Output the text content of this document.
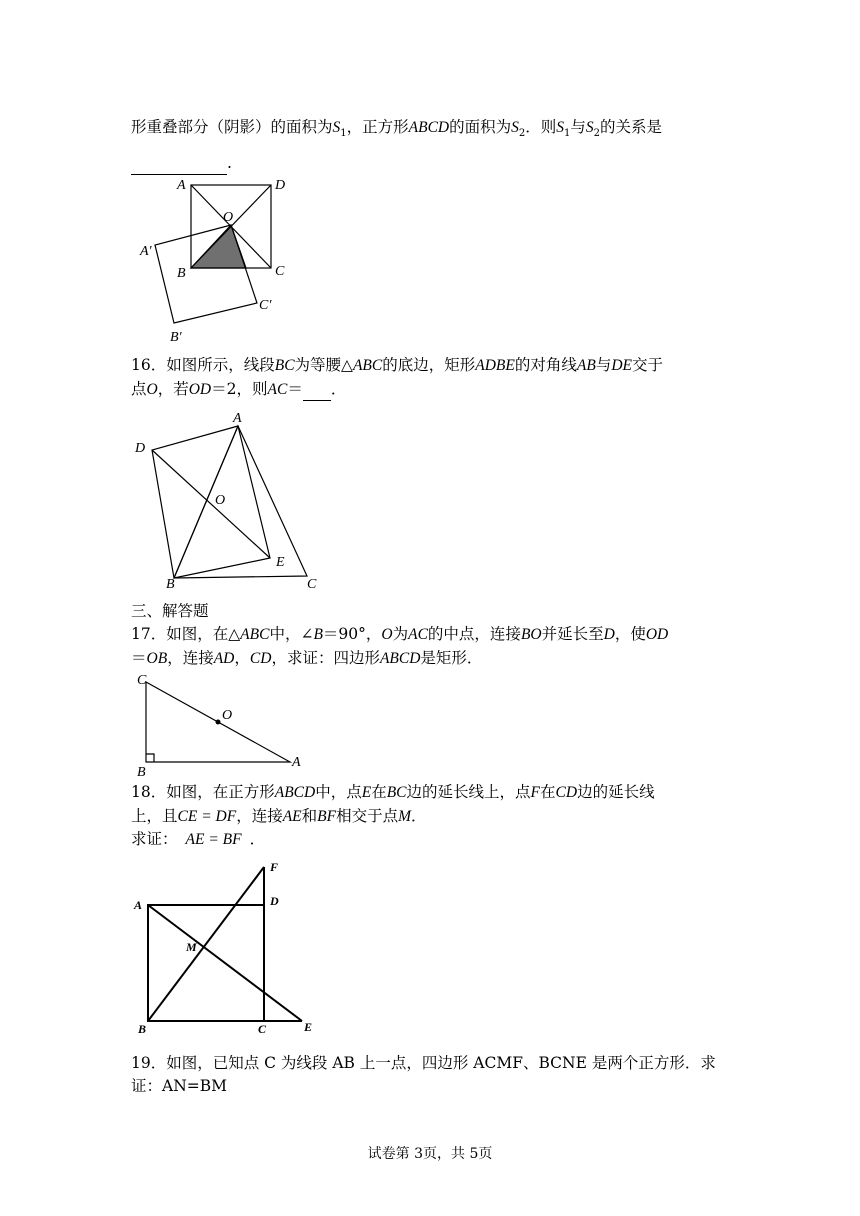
形重叠部分（阴影）的面积为$S_1$，正方形ABCD的面积为$S_2$．则$S_1$与$S_2$的关系是
.
A	D
O
A′
B	C
C′
B′
16．如图所示，线段BC为等腰△ABC的底边，矩形ADBE的对角线AB与DE交于
点O，若OD＝2，则AC＝ ．
A
D
O
E
B	C
三、解答题
17．如图，在△ABC中，∠B＝90°，O为AC的中点，连接BO并延长至D，使OD
＝OB，连接AD，CD，求证：四边形ABCD是矩形．
C
O
B
A
18．如图，在正方形ABCD中，点E在BC边的延长线上，点F在CD边的延长线
上，且CE = DF，连接AE和BF相交于点M．
求证： AE = BF ．
F
A	D
M
B	C	E
19．如图，已知点 C 为线段 AB 上一点，四边形 ACMF、BCNE 是两个正方形．求
证：AN=BM
试卷第 3页，共 5页
